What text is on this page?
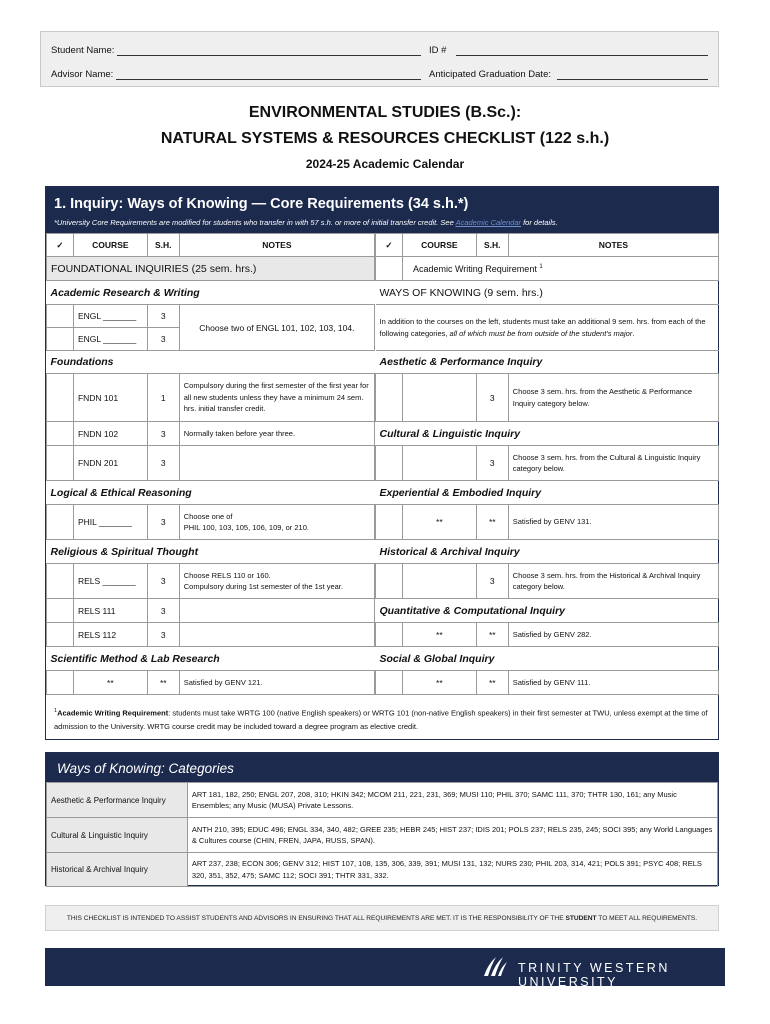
Student Name:	ID #
Advisor Name:	Anticipated Graduation Date:
ENVIRONMENTAL STUDIES (B.Sc.):
NATURAL SYSTEMS & RESOURCES CHECKLIST (122 s.h.)
2024-25 Academic Calendar
1. Inquiry: Ways of Knowing — Core Requirements (34 s.h.*)
*University Core Requirements are modified for students who transfer in with 57 s.h. or more of initial transfer credit. See Academic Calendar for details.
✓	COURSE	S.H.	NOTES
FOUNDATIONAL INQUIRIES (25 sem. hrs.)			
Academic Research & Writing			
	ENGL _______	3	Choose two of ENGL 101, 102, 103, 104.
	ENGL _______	3	
Foundations			
	FNDN 101	1	Compulsory during the first semester of the first year for all new students unless they have a minimum 24 sem. hrs. initial transfer credit.
	FNDN 102	3	Normally taken before year three.
	FNDN 201	3	
Logical & Ethical Reasoning			
	PHIL _______	3	Choose one of
PHIL 100, 103, 105, 106, 109, or 210.

Religious & Spiritual Thought			
	RELS _______	3	Choose RELS 110 or 160.
Compulsory during 1st semester of the 1st year.

	RELS 111	3	
	RELS 112	3	
Scientific Method & Lab Research			
	**	**	Satisfied by GENV 121.
✓	COURSE	S.H.	NOTES
	Academic Writing Requirement $^1$
WAYS OF KNOWING (9 sem. hrs.)			
In addition to the courses on the left, students must take an additional 9 sem. hrs. from each of the following categories, all of which must be from outside of the student's major.			
Aesthetic & Performance Inquiry			
		3	Choose 3 sem. hrs. from the Aesthetic & Performance Inquiry category below.
Cultural & Linguistic Inquiry			
		3	Choose 3 sem. hrs. from the Cultural & Linguistic Inquiry category below.
Experiential & Embodied Inquiry			
	**	**	Satisfied by GENV 131.
Historical & Archival Inquiry			
		3	Choose 3 sem. hrs. from the Historical & Archival Inquiry category below.
Quantitative & Computational Inquiry			
	**	**	Satisfied by GENV 282.
Social & Global Inquiry			
	**	**	Satisfied by GENV 111.
$^1$Academic Writing Requirement: students must take WRTG 100 (native English speakers) or WRTG 101 (non-native English speakers) in their first semester at TWU, unless exempt at the time of admission to the University. WRTG course credit may be included toward a degree program as elective credit.
Ways of Knowing: Categories
Aesthetic & Performance Inquiry	ART 181, 182, 250; ENGL 207, 208, 310; HKIN 342; MCOM 211, 221, 231, 369; MUSI 110; PHIL 370; SAMC 111, 370; THTR 130, 161; any Music Ensembles; any Music (MUSA) Private Lessons.
Cultural & Linguistic Inquiry	ANTH 210, 395; EDUC 496; ENGL 334, 340, 482; GREE 235; HEBR 245; HIST 237; IDIS 201; POLS 237; RELS 235, 245; SOCI 395; any World Languages & Cultures course (CHIN, FREN, JAPA, RUSS, SPAN).
Historical & Archival Inquiry	ART 237, 238; ECON 306; GENV 312; HIST 107, 108, 135, 306, 339, 391; MUSI 131, 132; NURS 230; PHIL 203, 314, 421; POLS 391; PSYC 408; RELS 320, 351, 352, 475; SAMC 112; SOCI 391; THTR 331, 332.
THIS CHECKLIST IS INTENDED TO ASSIST STUDENTS AND ADVISORS IN ENSURING THAT ALL REQUIREMENTS ARE MET. IT IS THE RESPONSIBILITY OF THE STUDENT TO MEET ALL REQUIREMENTS.
TRINITY WESTERN UNIVERSITY
